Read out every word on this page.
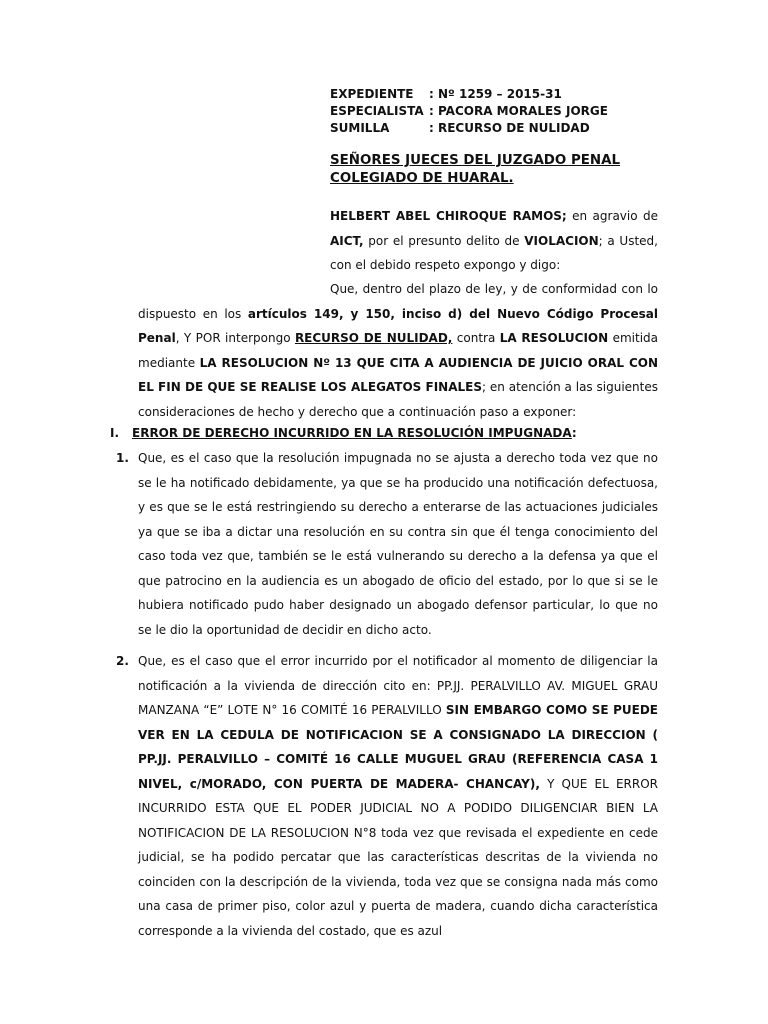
EXPEDIENTE	: Nº 1259 – 2015-31
ESPECIALISTA : PACORA MORALES JORGE
SUMILLA	: RECURSO DE NULIDAD
SEÑORES JUECES DEL JUZGADO PENAL COLEGIADO DE HUARAL.

HELBERT ABEL CHIROQUE RAMOS; en agravio de AICT, por el presunto delito de VIOLACION; a Usted, con el debido respeto expongo y digo:

Que, dentro del plazo de ley, y de conformidad con lo dispuesto en los artículos 149, y 150, inciso d) del Nuevo Código Procesal Penal, Y POR interpongo RECURSO DE NULIDAD, contra LA RESOLUCION emitida mediante LA RESOLUCION Nº 13 QUE CITA A AUDIENCIA DE JUICIO ORAL CON EL FIN DE QUE SE REALISE LOS ALEGATOS FINALES; en atención a las siguientes consideraciones de hecho y derecho que a continuación paso a exponer:

I. ERROR DE DERECHO INCURRIDO EN LA RESOLUCIÓN IMPUGNADA:
1. Que, es el caso que la resolución impugnada no se ajusta a derecho toda vez que no se le ha notificado debidamente, ya que se ha producido una notificación defectuosa, y es que se le está restringiendo su derecho a enterarse de las actuaciones judiciales ya que se iba a dictar una resolución en su contra sin que él tenga conocimiento del caso toda vez que, también se le está vulnerando su derecho a la defensa ya que el que patrocino en la audiencia es un abogado de oficio del estado, por lo que si se le hubiera notificado pudo haber designado un abogado defensor particular, lo que no se le dio la oportunidad de decidir en dicho acto.
2. Que, es el caso que el error incurrido por el notificador al momento de diligenciar la notificación a la vivienda de dirección cito en: PP.JJ. PERALVILLO AV. MIGUEL GRAU MANZANA “E” LOTE N° 16 COMITÉ 16 PERALVILLO SIN EMBARGO COMO SE PUEDE VER EN LA CEDULA DE NOTIFICACION SE A CONSIGNADO LA DIRECCION ( PP.JJ. PERALVILLO – COMITÉ 16 CALLE MUGUEL GRAU (REFERENCIA CASA 1 NIVEL, c/MORADO, CON PUERTA DE MADERA- CHANCAY), Y QUE EL ERROR INCURRIDO ESTA QUE EL PODER JUDICIAL NO A PODIDO DILIGENCIAR BIEN LA NOTIFICACION DE LA RESOLUCION N°8 toda vez que revisada el expediente en cede judicial, se ha podido percatar que las características descritas de la vivienda no coinciden con la descripción de la vivienda, toda vez que se consigna nada más como una casa de primer piso, color azul y puerta de madera, cuando dicha característica corresponde a la vivienda del costado, que es azul
